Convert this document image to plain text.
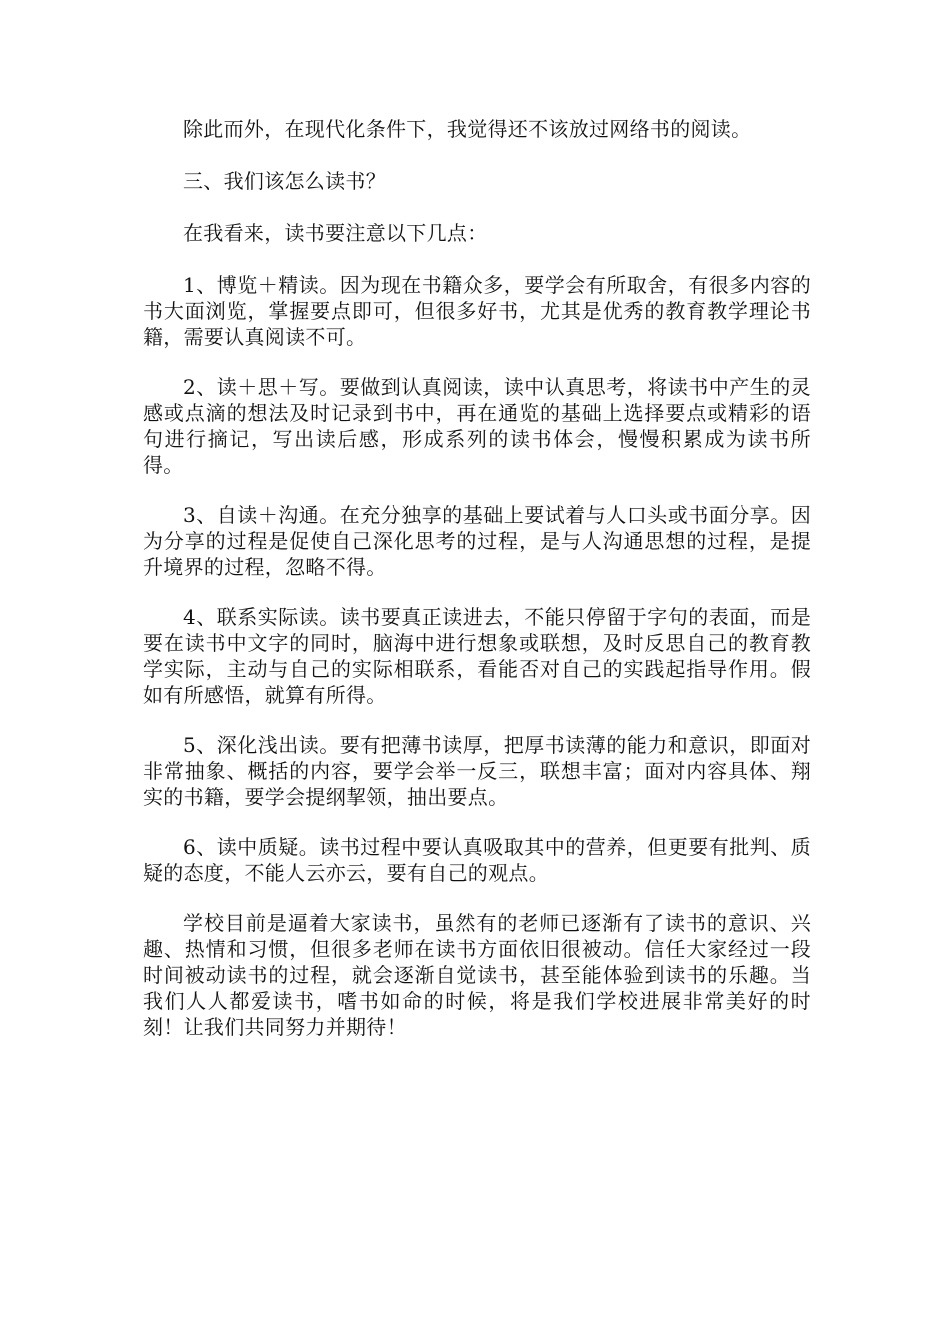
除此而外，在现代化条件下，我觉得还不该放过网络书的阅读。

三、我们该怎么读书？

在我看来，读书要注意以下几点：

1、博览＋精读。因为现在书籍众多，要学会有所取舍，有很多内容的书大面浏览，掌握要点即可，但很多好书，尤其是优秀的教育教学理论书籍，需要认真阅读不可。

2、读＋思＋写。要做到认真阅读，读中认真思考，将读书中产生的灵感或点滴的想法及时记录到书中，再在通览的基础上选择要点或精彩的语句进行摘记，写出读后感，形成系列的读书体会，慢慢积累成为读书所得。

3、自读＋沟通。在充分独享的基础上要试着与人口头或书面分享。因为分享的过程是促使自己深化思考的过程，是与人沟通思想的过程，是提升境界的过程，忽略不得。

4、联系实际读。读书要真正读进去，不能只停留于字句的表面，而是要在读书中文字的同时，脑海中进行想象或联想，及时反思自己的教育教学实际，主动与自己的实际相联系，看能否对自己的实践起指导作用。假如有所感悟，就算有所得。

5、深化浅出读。要有把薄书读厚，把厚书读薄的能力和意识，即面对非常抽象、概括的内容，要学会举一反三，联想丰富；面对内容具体、翔实的书籍，要学会提纲挈领，抽出要点。

6、读中质疑。读书过程中要认真吸取其中的营养，但更要有批判、质疑的态度，不能人云亦云，要有自己的观点。

学校目前是逼着大家读书，虽然有的老师已逐渐有了读书的意识、兴趣、热情和习惯，但很多老师在读书方面依旧很被动。信任大家经过一段时间被动读书的过程，就会逐渐自觉读书，甚至能体验到读书的乐趣。当我们人人都爱读书，嗜书如命的时候，将是我们学校进展非常美好的时刻！让我们共同努力并期待！
